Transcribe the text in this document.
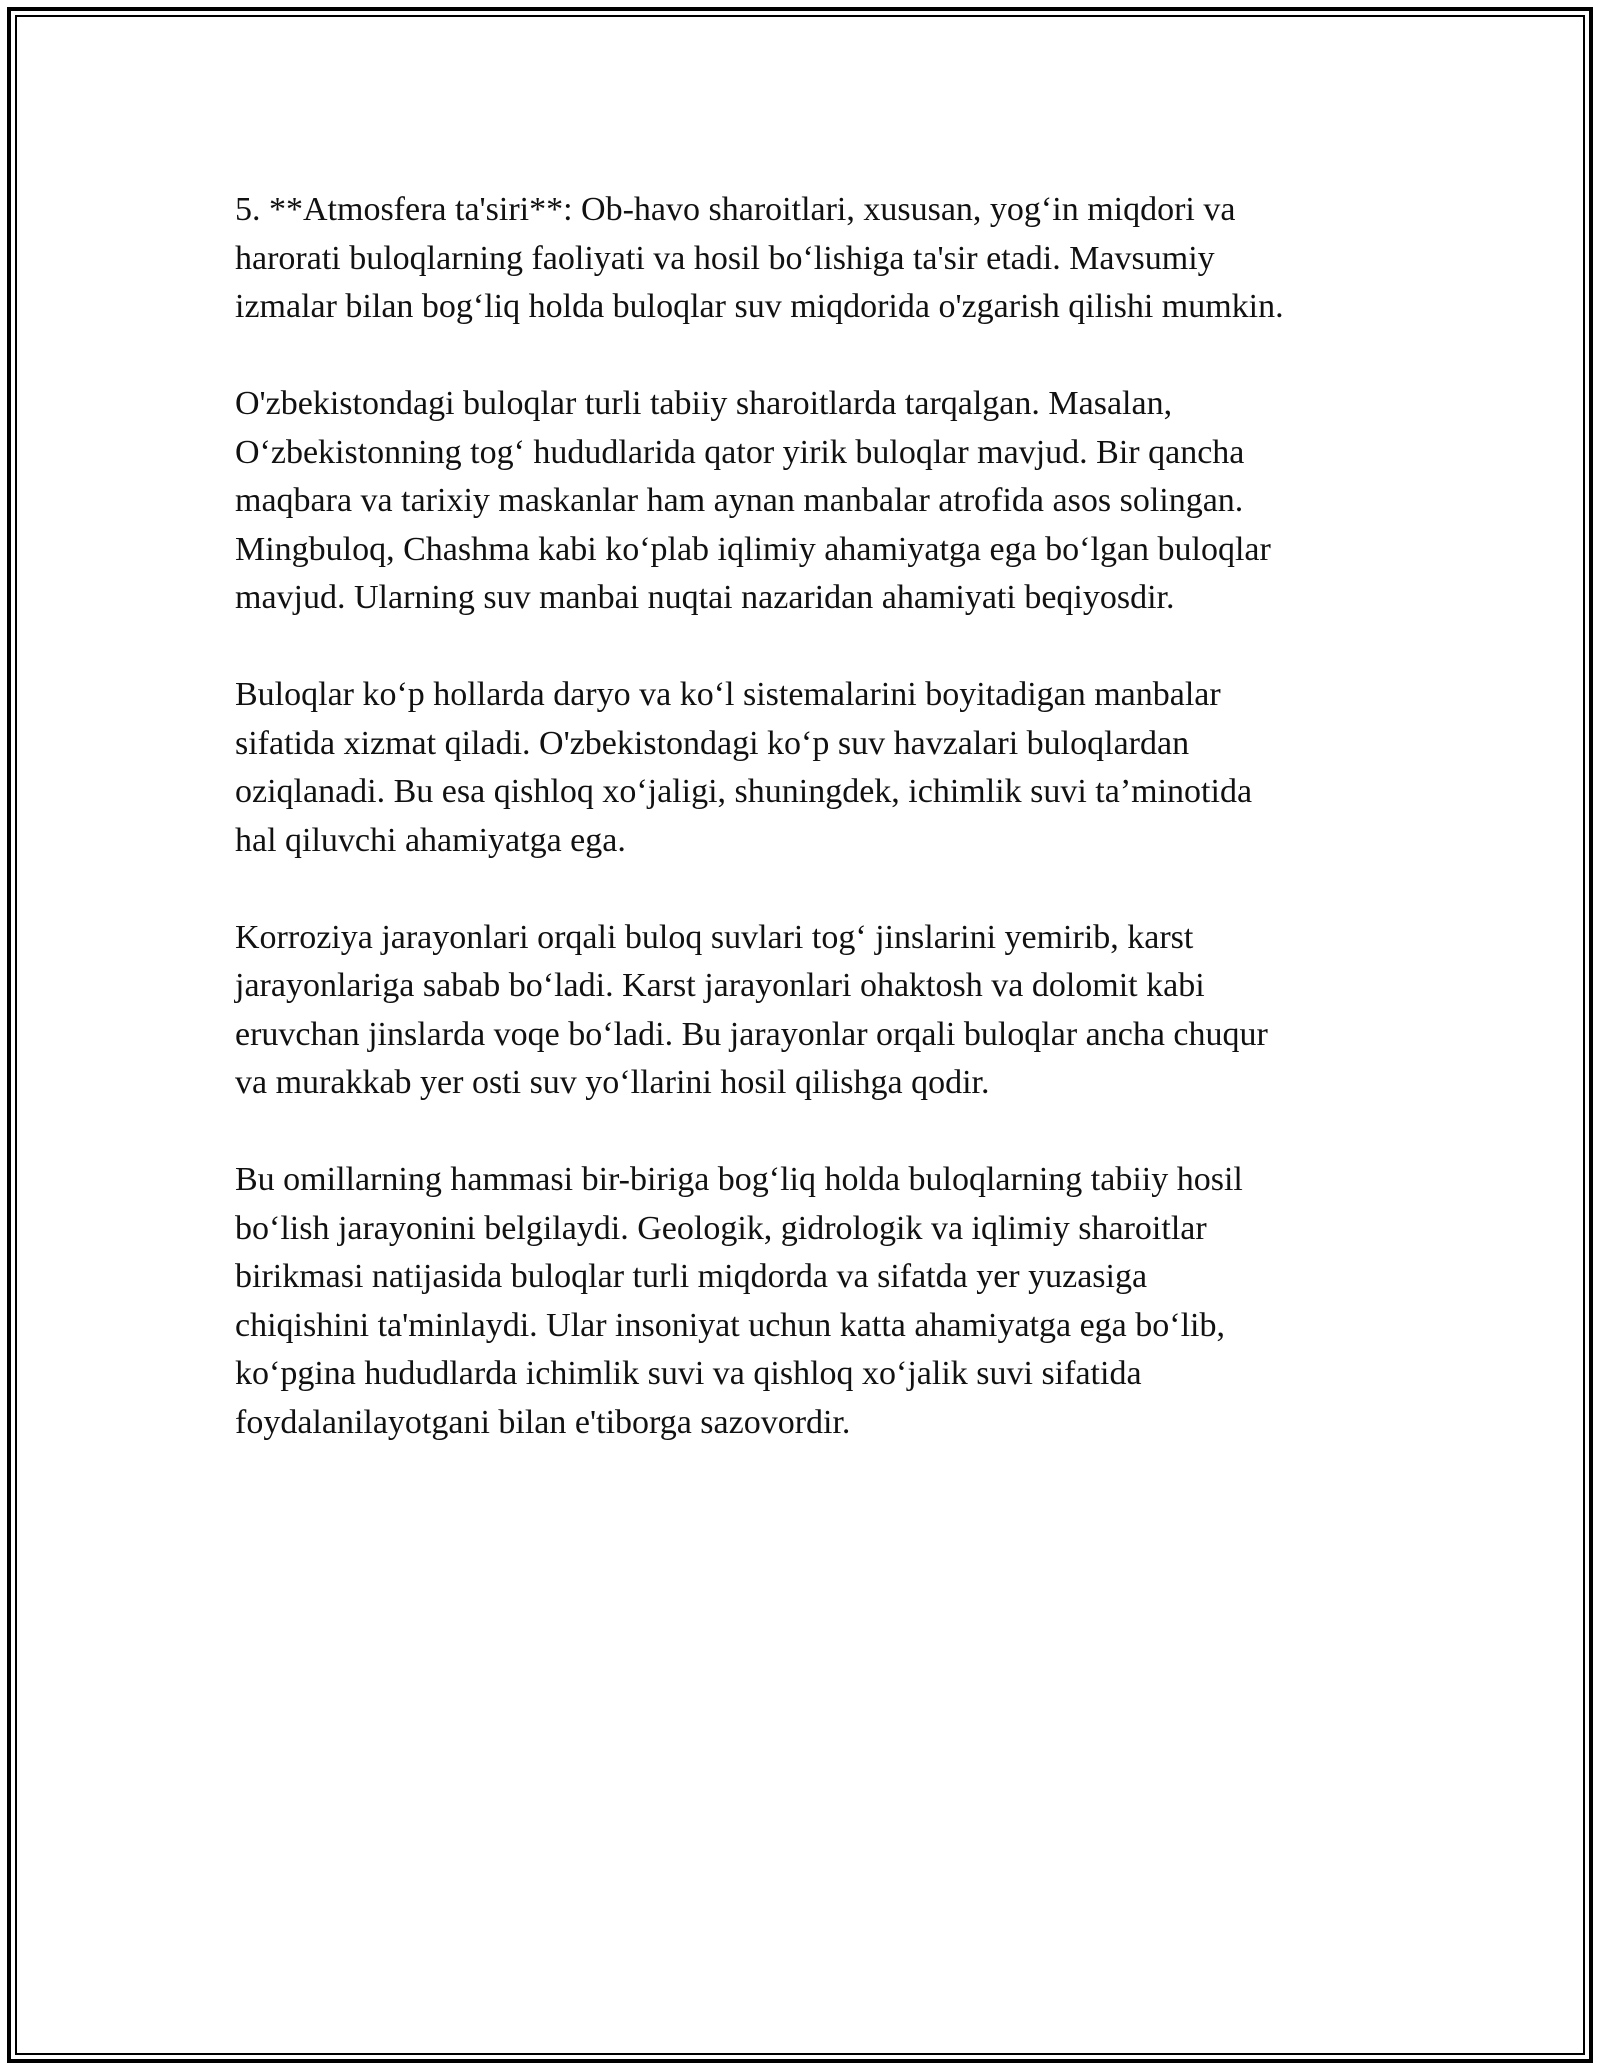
5. **Atmosfera ta'siri**: Ob-havo sharoitlari, xususan, yog‘in miqdori va
harorati buloqlarning faoliyati va hosil bo‘lishiga ta'sir etadi. Mavsumiy
izmalar bilan bog‘liq holda buloqlar suv miqdorida o'zgarish qilishi mumkin.

O'zbekistondagi buloqlar turli tabiiy sharoitlarda tarqalgan. Masalan,
O‘zbekistonning tog‘ hududlarida qator yirik buloqlar mavjud. Bir qancha
maqbara va tarixiy maskanlar ham aynan manbalar atrofida asos solingan.
Mingbuloq, Chashma kabi ko‘plab iqlimiy ahamiyatga ega bo‘lgan buloqlar
mavjud. Ularning suv manbai nuqtai nazaridan ahamiyati beqiyosdir.

Buloqlar ko‘p hollarda daryo va ko‘l sistemalarini boyitadigan manbalar
sifatida xizmat qiladi. O'zbekistondagi ko‘p suv havzalari buloqlardan
oziqlanadi. Bu esa qishloq xo‘jaligi, shuningdek, ichimlik suvi ta’minotida
hal qiluvchi ahamiyatga ega.

Korroziya jarayonlari orqali buloq suvlari tog‘ jinslarini yemirib, karst
jarayonlariga sabab bo‘ladi. Karst jarayonlari ohaktosh va dolomit kabi
eruvchan jinslarda voqe bo‘ladi. Bu jarayonlar orqali buloqlar ancha chuqur
va murakkab yer osti suv yo‘llarini hosil qilishga qodir.

Bu omillarning hammasi bir-biriga bog‘liq holda buloqlarning tabiiy hosil
bo‘lish jarayonini belgilaydi. Geologik, gidrologik va iqlimiy sharoitlar
birikmasi natijasida buloqlar turli miqdorda va sifatda yer yuzasiga
chiqishini ta'minlaydi. Ular insoniyat uchun katta ahamiyatga ega bo‘lib,
ko‘pgina hududlarda ichimlik suvi va qishloq xo‘jalik suvi sifatida
foydalanilayotgani bilan e'tiborga sazovordir.
